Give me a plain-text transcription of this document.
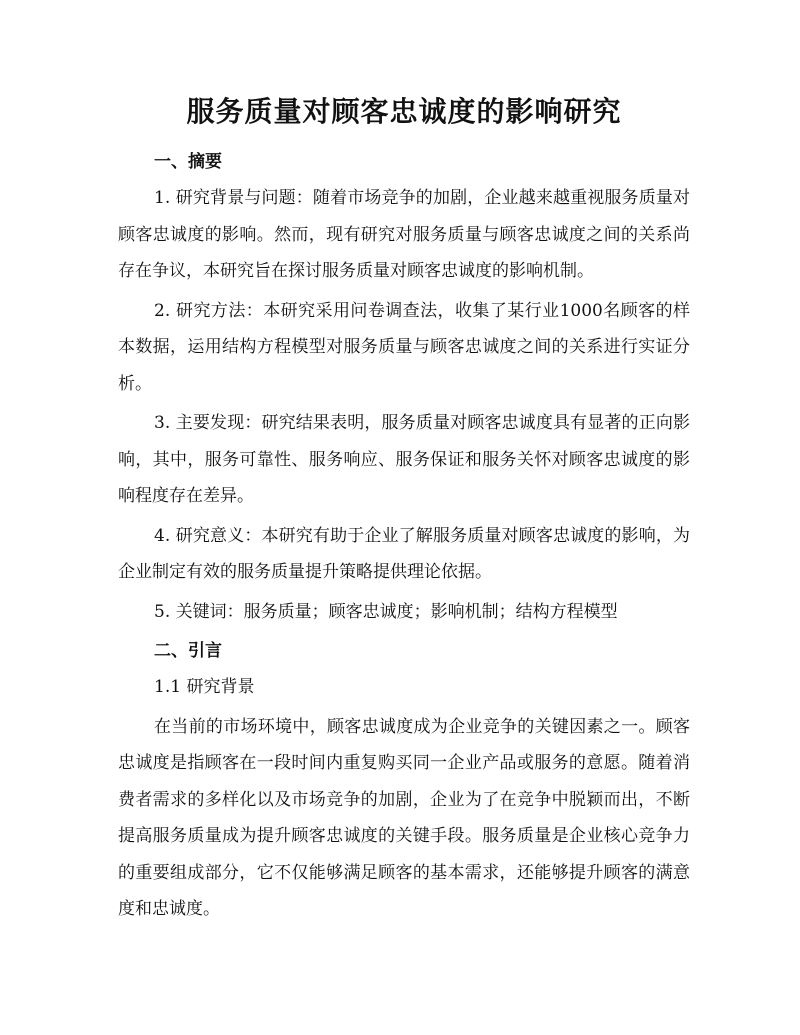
服务质量对顾客忠诚度的影响研究
一、摘要

1. 研究背景与问题：随着市场竞争的加剧，企业越来越重视服务质量对顾客忠诚度的影响。然而，现有研究对服务质量与顾客忠诚度之间的关系尚存在争议，本研究旨在探讨服务质量对顾客忠诚度的影响机制。

2. 研究方法：本研究采用问卷调查法，收集了某行业1000名顾客的样本数据，运用结构方程模型对服务质量与顾客忠诚度之间的关系进行实证分析。

3. 主要发现：研究结果表明，服务质量对顾客忠诚度具有显著的正向影响，其中，服务可靠性、服务响应、服务保证和服务关怀对顾客忠诚度的影响程度存在差异。

4. 研究意义：本研究有助于企业了解服务质量对顾客忠诚度的影响，为企业制定有效的服务质量提升策略提供理论依据。

5. 关键词：服务质量；顾客忠诚度；影响机制；结构方程模型

二、引言

1.1 研究背景

在当前的市场环境中，顾客忠诚度成为企业竞争的关键因素之一。顾客忠诚度是指顾客在一段时间内重复购买同一企业产品或服务的意愿。随着消费者需求的多样化以及市场竞争的加剧，企业为了在竞争中脱颖而出，不断提高服务质量成为提升顾客忠诚度的关键手段。服务质量是企业核心竞争力的重要组成部分，它不仅能够满足顾客的基本需求，还能够提升顾客的满意度和忠诚度。
